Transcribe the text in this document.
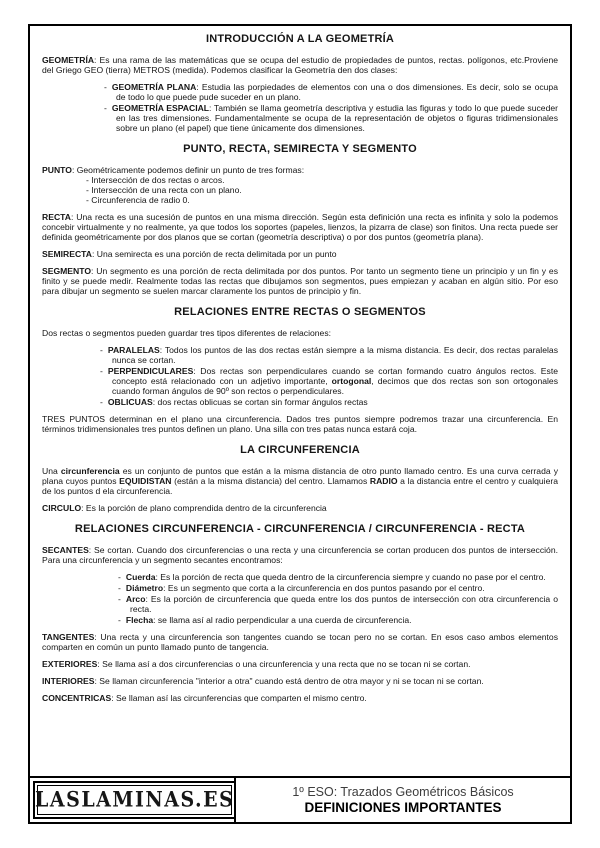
INTRODUCCIÓN A LA GEOMETRÍA

GEOMETRÍA: Es una rama de las matemáticas que se ocupa del estudio de propiedades de puntos, rectas. polígonos, etc.Proviene del Griego GEO (tierra) METROS (medida). Podemos clasificar la Geometría den dos clases:

- GEOMETRÍA PLANA: Estudia las porpiedades de elementos con una o dos dimensiones. Es decir, solo se ocupa de todo lo que puede pude suceder en un plano.
- GEOMETRÍA ESPACIAL: También se llama geometría descriptiva y estudia las figuras y todo lo que puede suceder en las tres dimensiones. Fundamentalmente se ocupa de la representación de objetos o figuras tridimensionales sobre un plano (el papel) que tiene únicamente dos dimensiones.
PUNTO, RECTA, SEMIRECTA Y SEGMENTO
PUNTO: Geométricamente podemos definir un punto de tres formas:
- Intersección de dos rectas o arcos.
- Intersección de una recta con un plano.
- Circunferencia de radio 0.

RECTA: Una recta es una sucesión de puntos en una misma dirección. Según esta definición una recta es infinita y solo la podemos concebir virtualmente y no realmente, ya que todos los soportes (papeles, lienzos, la pizarra de clase) son finitos. Una recta puede ser definida geométricamente por dos planos que se cortan (geometría descriptiva) o por dos puntos (geometría plana).

SEMIRECTA: Una semirecta es una porción de recta delimitada por un punto

SEGMENTO: Un segmento es una porción de recta delimitada por dos puntos. Por tanto un segmento tiene un principio y un fin y es finito y se puede medir. Realmente todas las rectas que dibujamos son segmentos, pues empiezan y acaban en algún sitio. Por eso para dibujar un segmento se suelen marcar claramente los puntos de principio y fin.

RELACIONES ENTRE RECTAS O SEGMENTOS

Dos rectas o segmentos pueden guardar tres tipos diferentes de relaciones:

- PARALELAS: Todos los puntos de las dos rectas están siempre a la misma distancia. Es decir, dos rectas paralelas nunca se cortan.
- PERPENDICULARES: Dos rectas son perpendiculares cuando se cortan formando cuatro ángulos rectos. Este concepto está relacionado con un adjetivo importante, ortogonal, decimos que dos rectas son son ortogonales cuando forman ángulos de 90º son rectos o perpendiculares.
- OBLICUAS: dos rectas oblicuas se cortan sin formar ángulos rectas

TRES PUNTOS determinan en el plano una circunferencia. Dados tres puntos siempre podremos trazar una circunferencia. En términos tridimensionales tres puntos definen un plano. Una silla con tres patas nunca estará coja.

LA CIRCUNFERENCIA

Una circunferencia es un conjunto de puntos que están a la misma distancia de otro punto llamado centro. Es una curva cerrada y plana cuyos puntos EQUIDISTAN (están a la misma distancia) del centro. Llamamos RADIO a la distancia entre el centro y cualquiera de los puntos d ela circunferencia.

CIRCULO: Es la porción de plano comprendida dentro de la circunferencia

RELACIONES CIRCUNFERENCIA - CIRCUNFERENCIA / CIRCUNFERENCIA - RECTA

SECANTES: Se cortan. Cuando dos circunferencias o una recta y una circunferencia se cortan producen dos puntos de intersección. Para una circunferencia y un segmento secantes encontramos:

- Cuerda: Es la porción de recta que queda dentro de la circunferencia siempre y cuando no pase por el centro.
- Diámetro: Es un segmento que corta a la circunferencia en dos puntos pasando por el centro.
- Arco: Es la porción de circunferencia que queda entre los dos puntos de intersección con otra circunferencia o recta.
- Flecha: se llama así al radio perpendicular a una cuerda de circunferencia.

TANGENTES: Una recta y una circunferencia son tangentes cuando se tocan pero no se cortan. En esos caso ambos elementos comparten en común un punto llamado punto de tangencia.

EXTERIORES: Se llama así a dos circunferencias o una circunferencia y una recta que no se tocan ni se cortan.

INTERIORES: Se llaman circunferencia "interior a otra" cuando está dentro de otra mayor y ni se tocan ni se cortan.

CONCENTRICAS: Se llaman así las circunferencias que comparten el mismo centro.

LASLAMINAS.ES	1º ESO: Trazados Geométricos Básicos
DEFINICIONES IMPORTANTES
